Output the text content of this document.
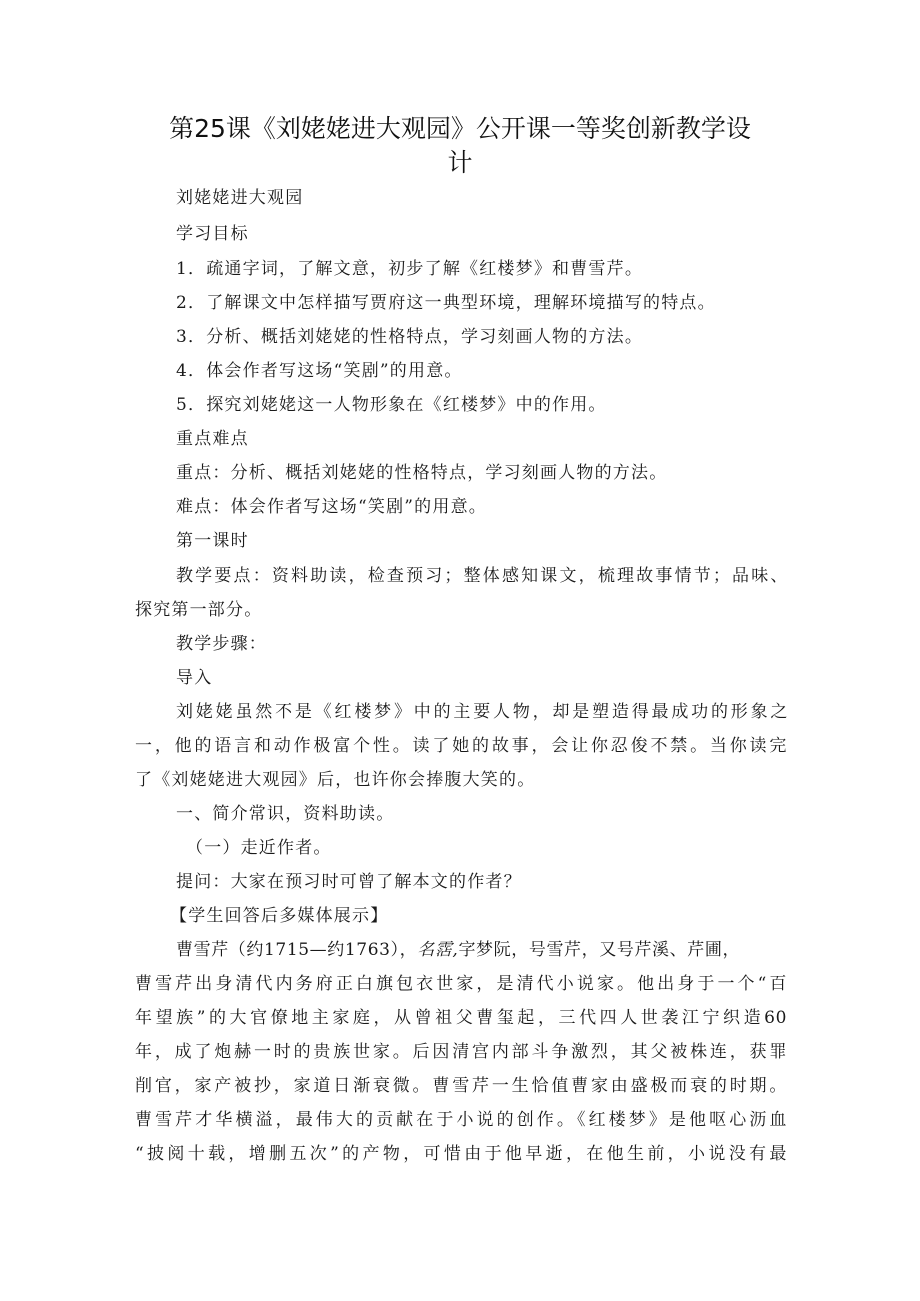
第25课《刘姥姥进大观园》公开课一等奖创新教学设
计

刘姥姥进大观园

学习目标

1．疏通字词，了解文意，初步了解《红楼梦》和曹雪芹。

2．了解课文中怎样描写贾府这一典型环境，理解环境描写的特点。

3．分析、概括刘姥姥的性格特点，学习刻画人物的方法。

4．体会作者写这场“笑剧”的用意。

5．探究刘姥姥这一人物形象在《红楼梦》中的作用。

重点难点

重点：分析、概括刘姥姥的性格特点，学习刻画人物的方法。

难点：体会作者写这场“笑剧”的用意。

第一课时

教学要点：资料助读，检查预习；整体感知课文，梳理故事情节；品味、

探究第一部分。

教学步骤：

导入

刘姥姥虽然不是《红楼梦》中的主要人物，却是塑造得最成功的形象之

一，他的语言和动作极富个性。读了她的故事，会让你忍俊不禁。当你读完

了《刘姥姥进大观园》后，也许你会捧腹大笑的。

一、简介常识，资料助读。

（一）走近作者。

提问：大家在预习时可曾了解本文的作者？

【学生回答后多媒体展示】

曹雪芹（约1715—约1763），名霑,字梦阮，号雪芹，又号芹溪、芹圃，

曹雪芹出身清代内务府正白旗包衣世家，是清代小说家。他出身于一个“百

年望族”的大官僚地主家庭，从曾祖父曹玺起，三代四人世袭江宁织造60

年，成了炮赫一时的贵族世家。后因清宫内部斗争激烈，其父被株连，获罪

削官，家产被抄，家道日渐衰微。曹雪芹一生恰值曹家由盛极而衰的时期。

曹雪芹才华横溢，最伟大的贡献在于小说的创作。《红楼梦》是他呕心沥血

“披阅十载，增删五次”的产物，可惜由于他早逝，在他生前，小说没有最
